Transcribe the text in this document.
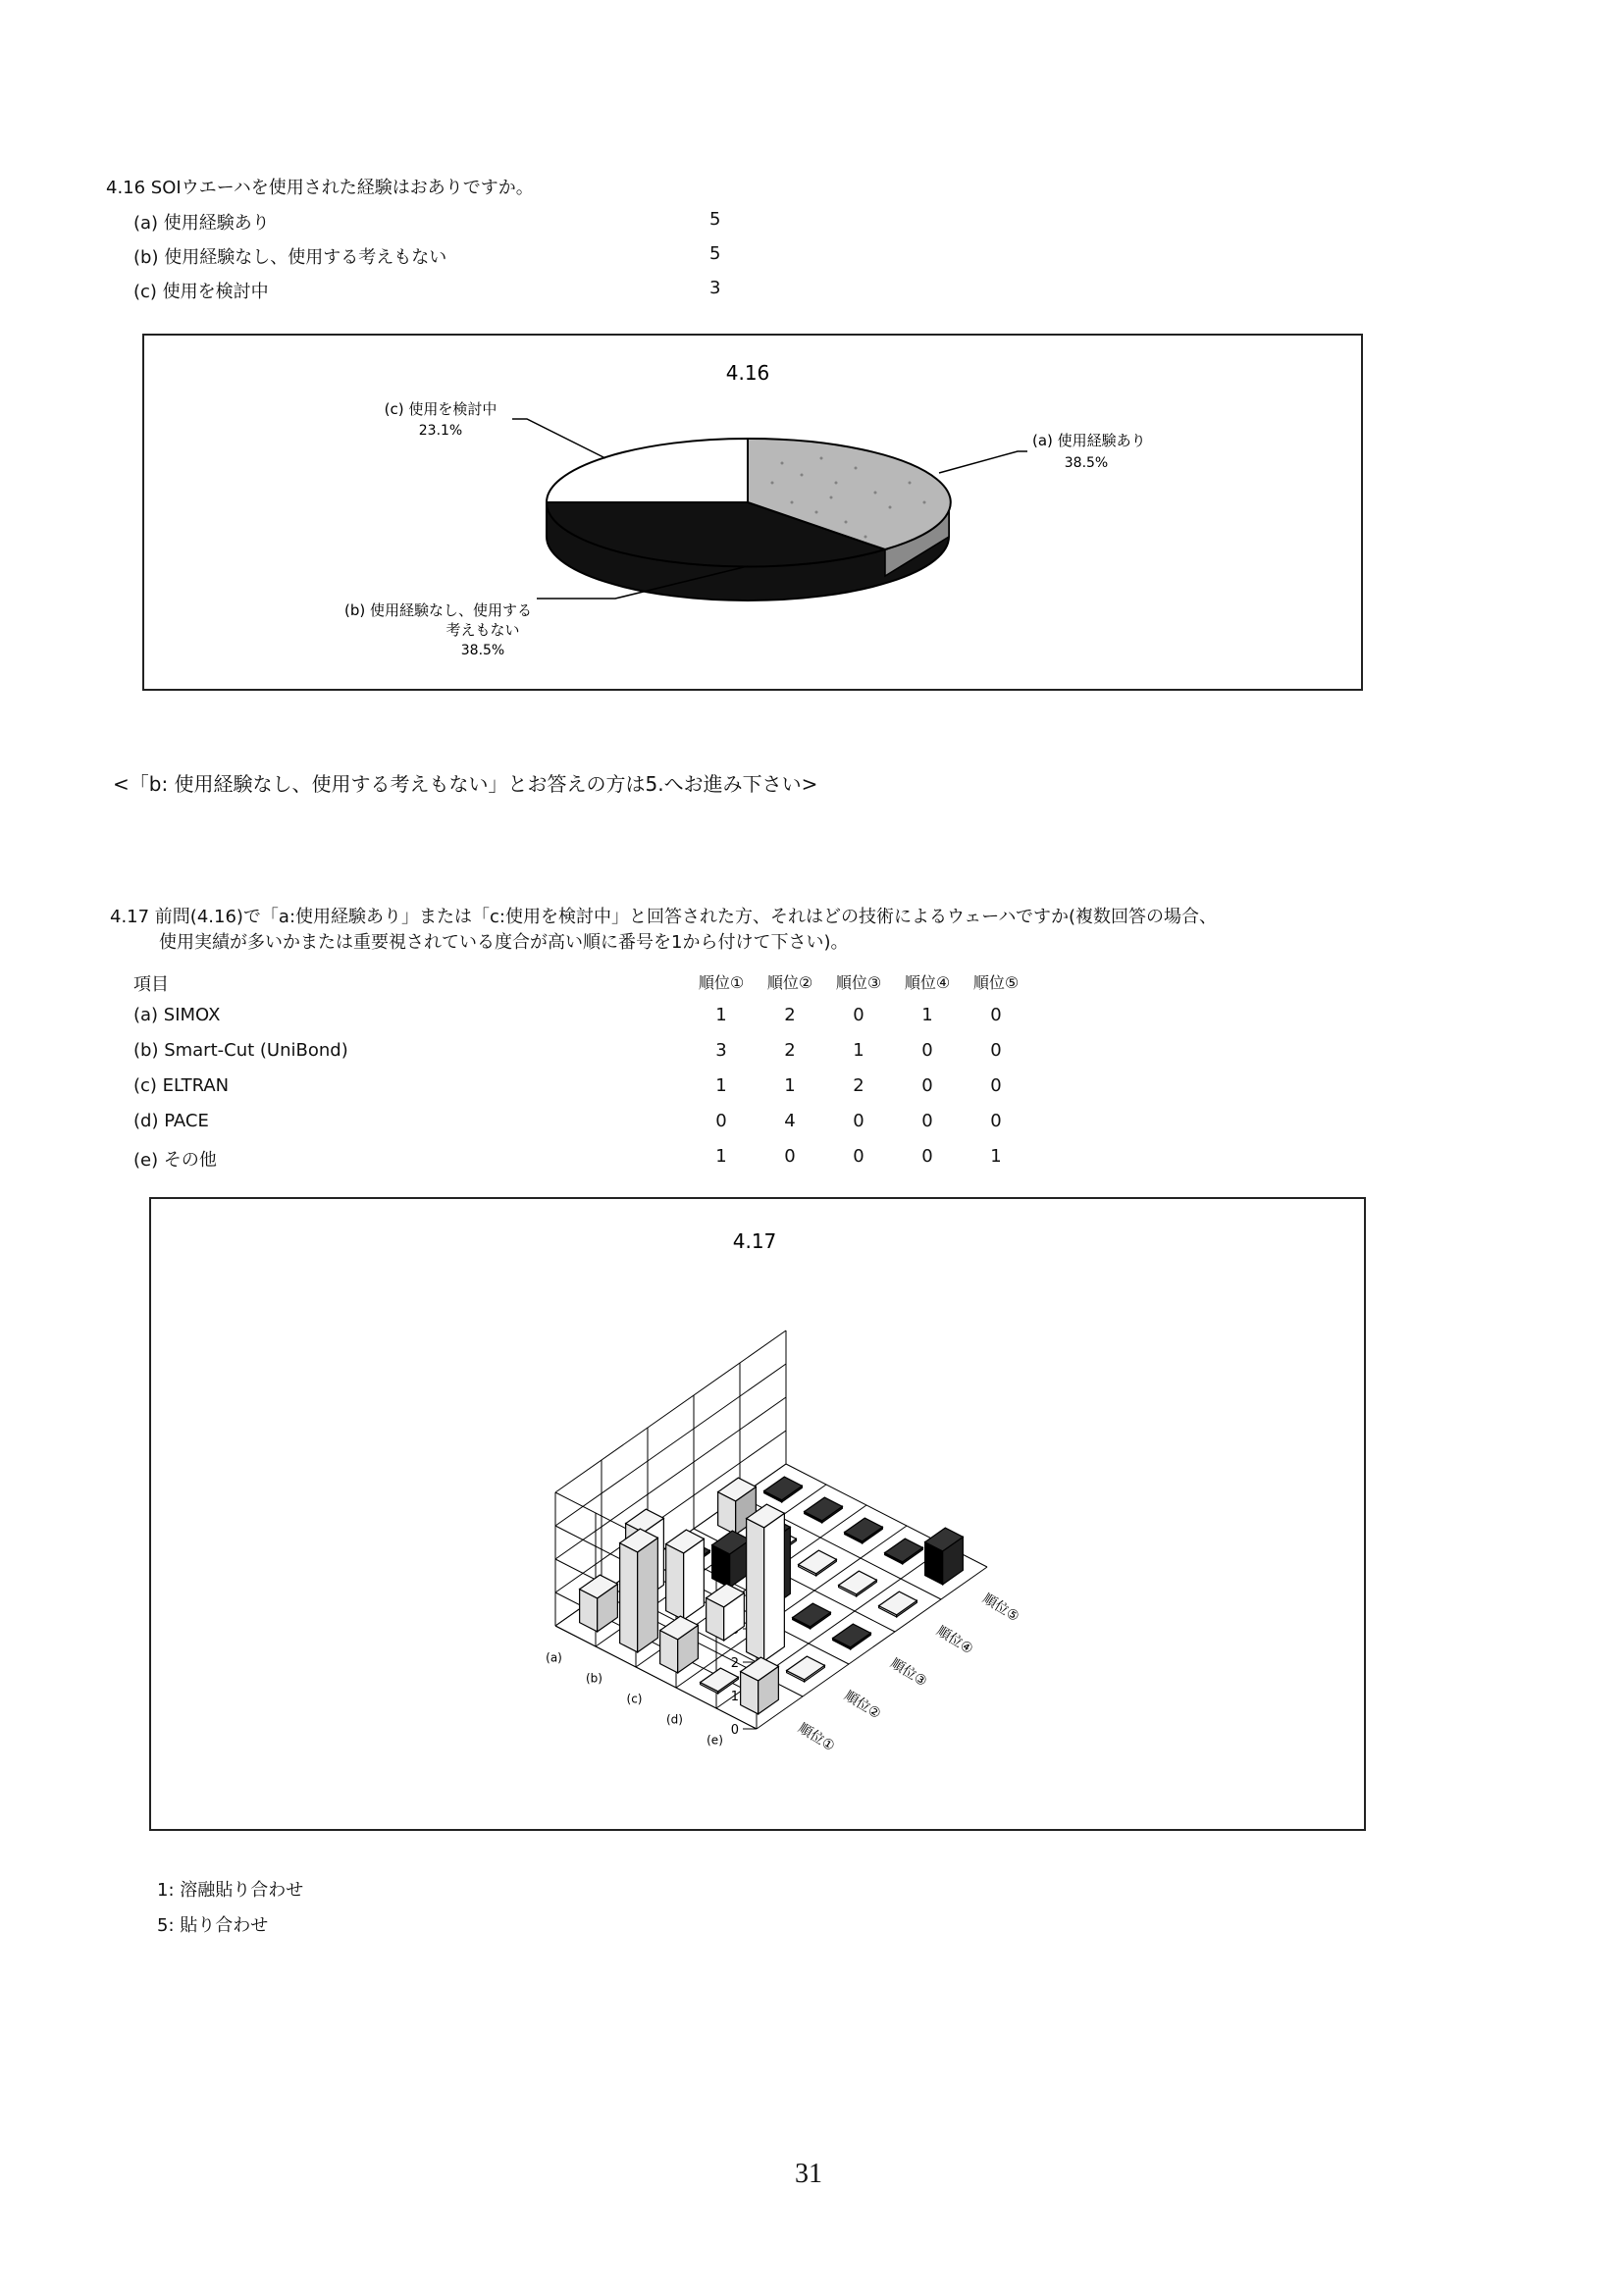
4.16 SOIウエーハを使用された経験はおありですか。
(a) 使用経験あり	5
(b) 使用経験なし、使用する考えもない	5
(c) 使用を検討中	3
4.16
(a) 使用経験あり
38.5%
(b) 使用経験なし、使用する
考えもない
38.5%
(c) 使用を検討中
23.1%
<「b: 使用経験なし、使用する考えもない」とお答えの方は5.へお進み下さい>
4.17 前問(4.16)で「a:使用経験あり」または「c:使用を検討中」と回答された方、それはどの技術によるウェーハですか(複数回答の場合、
使用実績が多いかまたは重要視されている度合が高い順に番号を1から付けて下さい)。
項目	順位①	順位②	順位③	順位④	順位⑤
(a) SIMOX	1	2	0	1	0
(b) Smart-Cut (UniBond)	3	2	1	0	0
(c) ELTRAN	1	1	2	0	0
(d) PACE	0	4	0	0	0
(e) その他	1	0	0	0	1
4.17
0
1
2
(a)
(b)
(c)
(d)
(e)	順位①
順位②
順位③
順位④
順位⑤
1: 溶融貼り合わせ
5: 貼り合わせ
31
